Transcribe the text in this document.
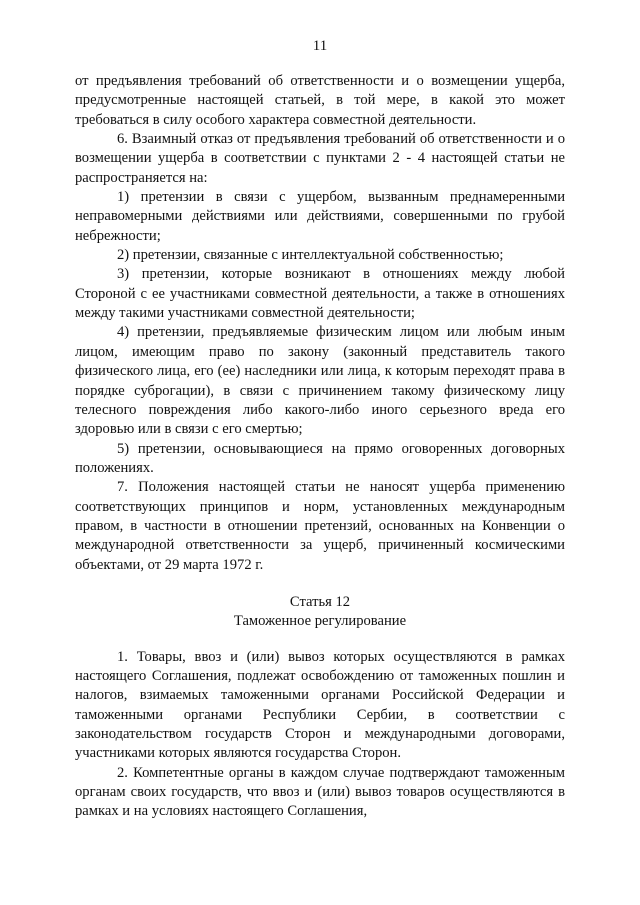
11

от предъявления требований об ответственности и о возмещении ущерба, предусмотренные настоящей статьей, в той мере, в какой это может требоваться в силу особого характера совместной деятельности.

6. Взаимный отказ от предъявления требований об ответственности и о возмещении ущерба в соответствии с пунктами 2 - 4 настоящей статьи не распространяется на:

1) претензии в связи с ущербом, вызванным преднамеренными неправомерными действиями или действиями, совершенными по грубой небрежности;

2) претензии, связанные с интеллектуальной собственностью;

3) претензии, которые возникают в отношениях между любой Стороной с ее участниками совместной деятельности, а также в отношениях между такими участниками совместной деятельности;

4) претензии, предъявляемые физическим лицом или любым иным лицом, имеющим право по закону (законный представитель такого физического лица, его (ее) наследники или лица, к которым переходят права в порядке суброгации), в связи с причинением такому физическому лицу телесного повреждения либо какого-либо иного серьезного вреда его здоровью или в связи с его смертью;

5) претензии, основывающиеся на прямо оговоренных договорных положениях.

7. Положения настоящей статьи не наносят ущерба применению соответствующих принципов и норм, установленных международным правом, в частности в отношении претензий, основанных на Конвенции о международной ответственности за ущерб, причиненный космическими объектами, от 29 марта 1972 г.

Статья 12
Таможенное регулирование

1. Товары, ввоз и (или) вывоз которых осуществляются в рамках настоящего Соглашения, подлежат освобождению от таможенных пошлин и налогов, взимаемых таможенными органами Российской Федерации и таможенными органами Республики Сербии, в соответствии с законодательством государств Сторон и международными договорами, участниками которых являются государства Сторон.

2. Компетентные органы в каждом случае подтверждают таможенным органам своих государств, что ввоз и (или) вывоз товаров осуществляются в рамках и на условиях настоящего Соглашения,
